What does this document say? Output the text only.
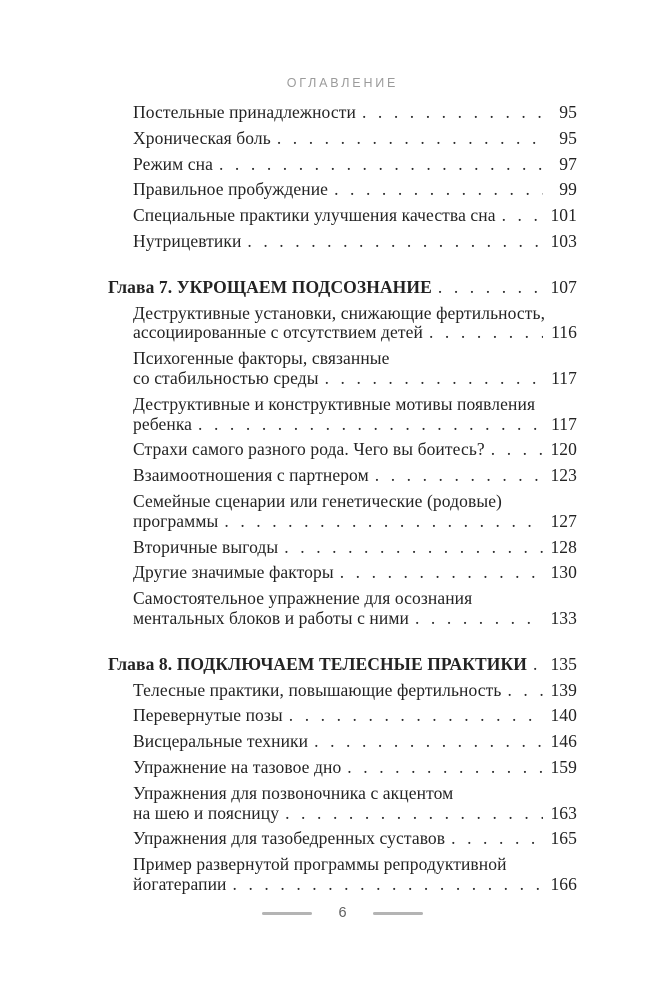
ОГЛАВЛЕНИЕ
Постельные принадлежности . . .	95
Хроническая боль . . .	95
Режим сна . . .	97
Правильное пробуждение . . .	99
Специальные практики улучшения качества сна . . .	101
Нутрицевтики . . .	103
Глава 7. УКРОЩАЕМ ПОДСОЗНАНИЕ . . .	107
Деструктивные установки, снижающие фертильность,
ассоциированные с отсутствием детей . . .	116
Психогенные факторы, связанные
со стабильностью среды . . .	117
Деструктивные и конструктивные мотивы появления
ребенка . . .	117
Страхи самого разного рода. Чего вы боитесь? . . .	120
Взаимоотношения с партнером . . .	123
Семейные сценарии или генетические (родовые)
программы . . .	127
Вторичные выгоды . . .	128
Другие значимые факторы . . .	130
Самостоятельное упражнение для осознания
ментальных блоков и работы с ними . . .	133
Глава 8. ПОДКЛЮЧАЕМ ТЕЛЕСНЫЕ ПРАКТИКИ . . . 135
Телесные практики, повышающие фертильность . . .	139
Перевернутые позы . . .	140
Висцеральные техники . . .	146
Упражнение на тазовое дно . . .	159
Упражнения для позвоночника с акцентом
на шею и поясницу . . .	163
Упражнения для тазобедренных суставов . . .	165
Пример развернутой программы репродуктивной
йогатерапии . . .	166
6
